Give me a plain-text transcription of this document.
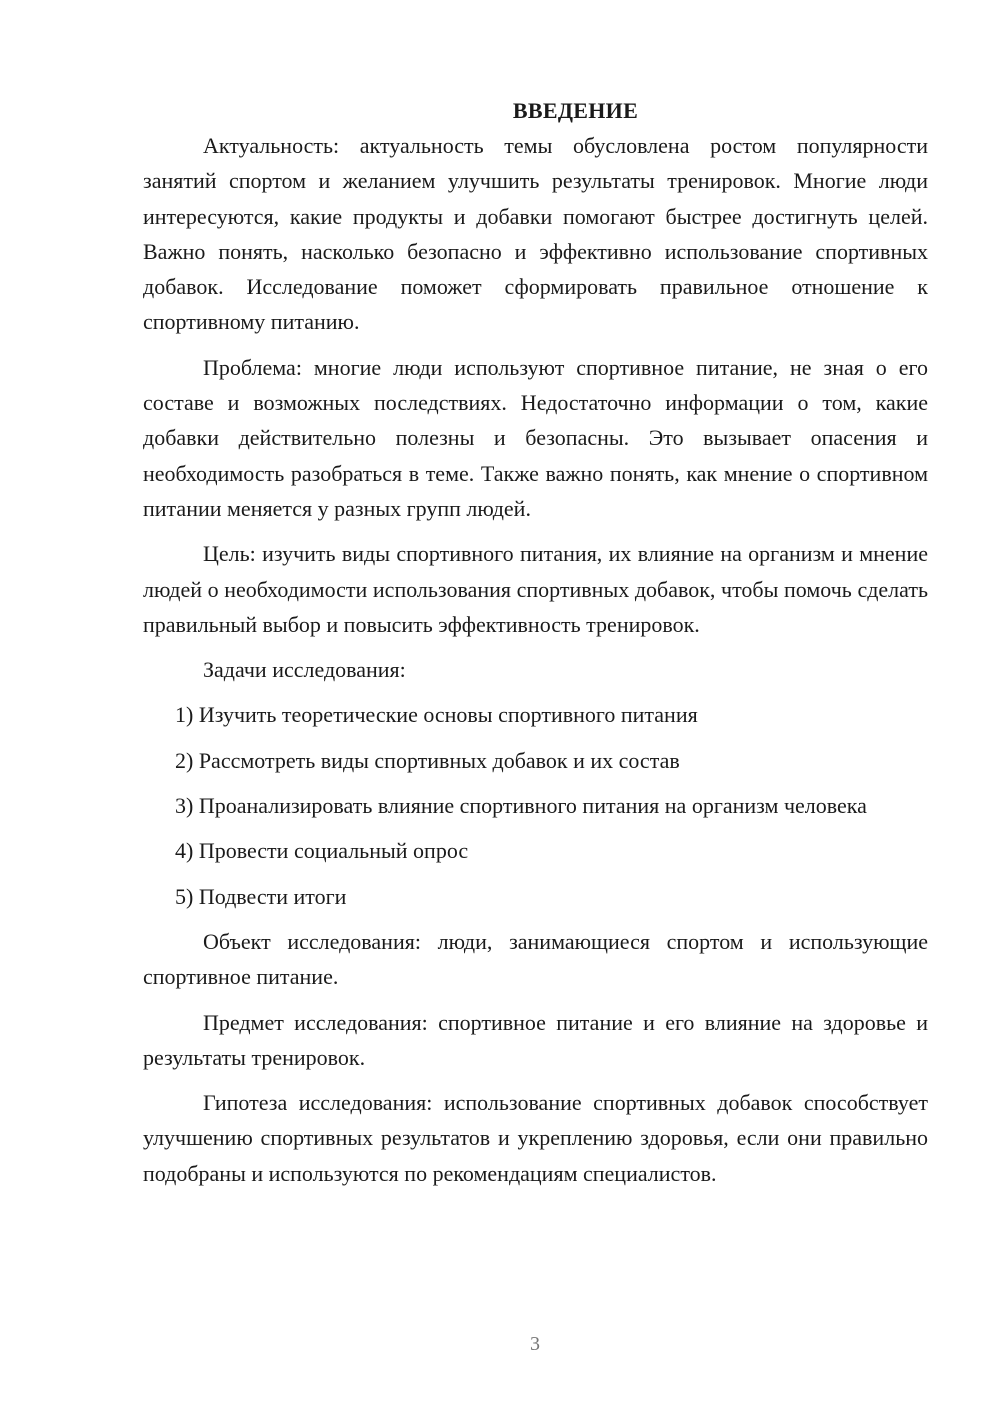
ВВЕДЕНИЕ

Актуальность: актуальность темы обусловлена ростом популярности занятий спортом и желанием улучшить результаты тренировок. Многие люди интересуются, какие продукты и добавки помогают быстрее достигнуть целей. Важно понять, насколько безопасно и эффективно использование спортивных добавок. Исследование поможет сформировать правильное отношение к спортивному питанию.

Проблема: многие люди используют спортивное питание, не зная о его составе и возможных последствиях. Недостаточно информации о том, какие добавки действительно полезны и безопасны. Это вызывает опасения и необходимость разобраться в теме. Также важно понять, как мнение о спортивном питании меняется у разных групп людей.

Цель: изучить виды спортивного питания, их влияние на организм и мнение людей о необходимости использования спортивных добавок, чтобы помочь сделать правильный выбор и повысить эффективность тренировок.

Задачи исследования:

1) Изучить теоретические основы спортивного питания

2) Рассмотреть виды спортивных добавок и их состав

3) Проанализировать влияние спортивного питания на организм человека

4) Провести социальный опрос

5) Подвести итоги

Объект исследования: люди, занимающиеся спортом и использующие спортивное питание.

Предмет исследования: спортивное питание и его влияние на здоровье и результаты тренировок.

Гипотеза исследования: использование спортивных добавок способствует улучшению спортивных результатов и укреплению здоровья, если они правильно подобраны и используются по рекомендациям специалистов.

3
